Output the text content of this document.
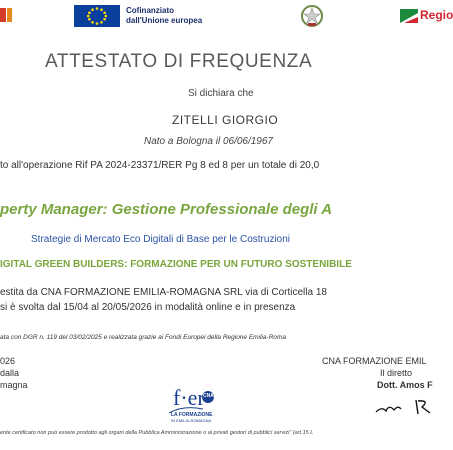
Cofinanziato
dall'Unione europea	Regio
ATTESTATO DI FREQUENZA
Si dichiara che
ZITELLI GIORGIO
Nato a Bologna il 06/06/1967
to all'operazione Rif PA 2024-23371/RER Pg 8 ed 8 per un totale di 20,0
perty Manager: Gestione Professionale degli A
Strategie di Mercato Eco Digitali di Base per le Costruzioni
IGITAL GREEN BUILDERS: FORMAZIONE PER UN FUTURO SOSTENIBILE
estita da CNA FORMAZIONE EMILIA-ROMAGNA SRL via di Corticella 18
si è svolta dal 15/04 al 20/05/2026 in modalità online e in presenza
ata con DGR n. 119 del 03/02/2025 e realizzata grazie ai Fondi Europei della Regione Emilia-Roma
026
dalla
magna
CNA FORMAZIONE EMIL
Il diretto
Dott. Amos F
f·er
CNA
LA FORMAZIONE
IN EMILIA-ROMAGNA
ente certificato non può essere prodotto agli organi della Pubblica Amministrazione o ai privati gestori di pubblici servizi" (art.15 L
